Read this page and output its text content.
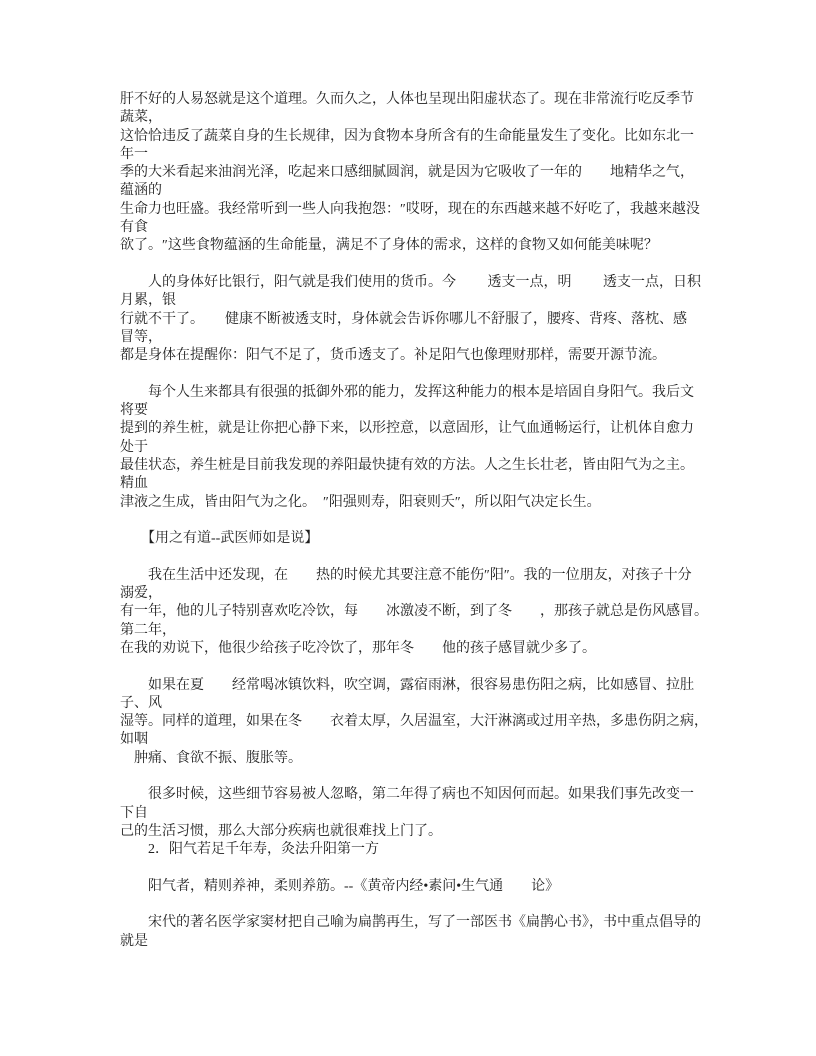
肝不好的人易怒就是这个道理。久而久之，人体也呈现出阳虚状态了。现在非常流行吃反季节
蔬菜，
这恰恰违反了蔬菜自身的生长规律，因为食物本身所含有的生命能量发生了变化。比如东北一
年一
季的大米看起来油润光泽，吃起来口感细腻圆润，就是因为它吸收了一年的　　地精华之气，
蕴涵的
生命力也旺盛。我经常听到一些人向我抱怨：″哎呀，现在的东西越来越不好吃了，我越来越没
有食
欲了。″这些食物蕴涵的生命能量，满足不了身体的需求，这样的食物又如何能美味呢？
　　人的身体好比银行，阳气就是我们使用的货币。今　　 透支一点，明　　 透支一点，日积
月累，银
行就不干了。　　健康不断被透支时，身体就会告诉你哪儿不舒服了，腰疼、背疼、落枕、感
冒等，
都是身体在提醒你：阳气不足了，货币透支了。补足阳气也像理财那样，需要开源节流。
　　每个人生来都具有很强的抵御外邪的能力，发挥这种能力的根本是培固自身阳气。我后文
将要
提到的养生桩，就是让你把心静下来，以形控意，以意固形，让气血通畅运行，让机体自愈力
处于
最佳状态，养生桩是目前我发现的养阳最快捷有效的方法。人之生长壮老，皆由阳气为之主。
精血
津液之生成，皆由阳气为之化。　″阳强则寿，阳衰则夭″，所以阳气决定长生。
　　【用之有道--武医师如是说】
　　我在生活中还发现，在　　热的时候尤其要注意不能伤″阳″。我的一位朋友，对孩子十分
溺爱，
有一年，他的儿子特别喜欢吃冷饮，每　　冰激凌不断，到了冬　　，那孩子就总是伤风感冒。
第二年，
在我的劝说下，他很少给孩子吃冷饮了，那年冬　　他的孩子感冒就少多了。
　　如果在夏　　经常喝冰镇饮料，吹空调，露宿雨淋，很容易患伤阳之病，比如感冒、拉肚
子、风
湿等。同样的道理，如果在冬　　衣着太厚，久居温室，大汗淋漓或过用辛热，多患伤阴之病，
如咽
　肿痛、食欲不振、腹胀等。
　　很多时候，这些细节容易被人忽略，第二年得了病也不知因何而起。如果我们事先改变一
下自
己的生活习惯，那么大部分疾病也就很难找上门了。
　　2．阳气若足千年寿，灸法升阳第一方
　　阳气者，精则养神，柔则养筋。--《黄帝内经•素问•生气通　　论》
　　宋代的著名医学家窦材把自己喻为扁鹊再生，写了一部医书《扁鹊心书》，书中重点倡导的
就是
